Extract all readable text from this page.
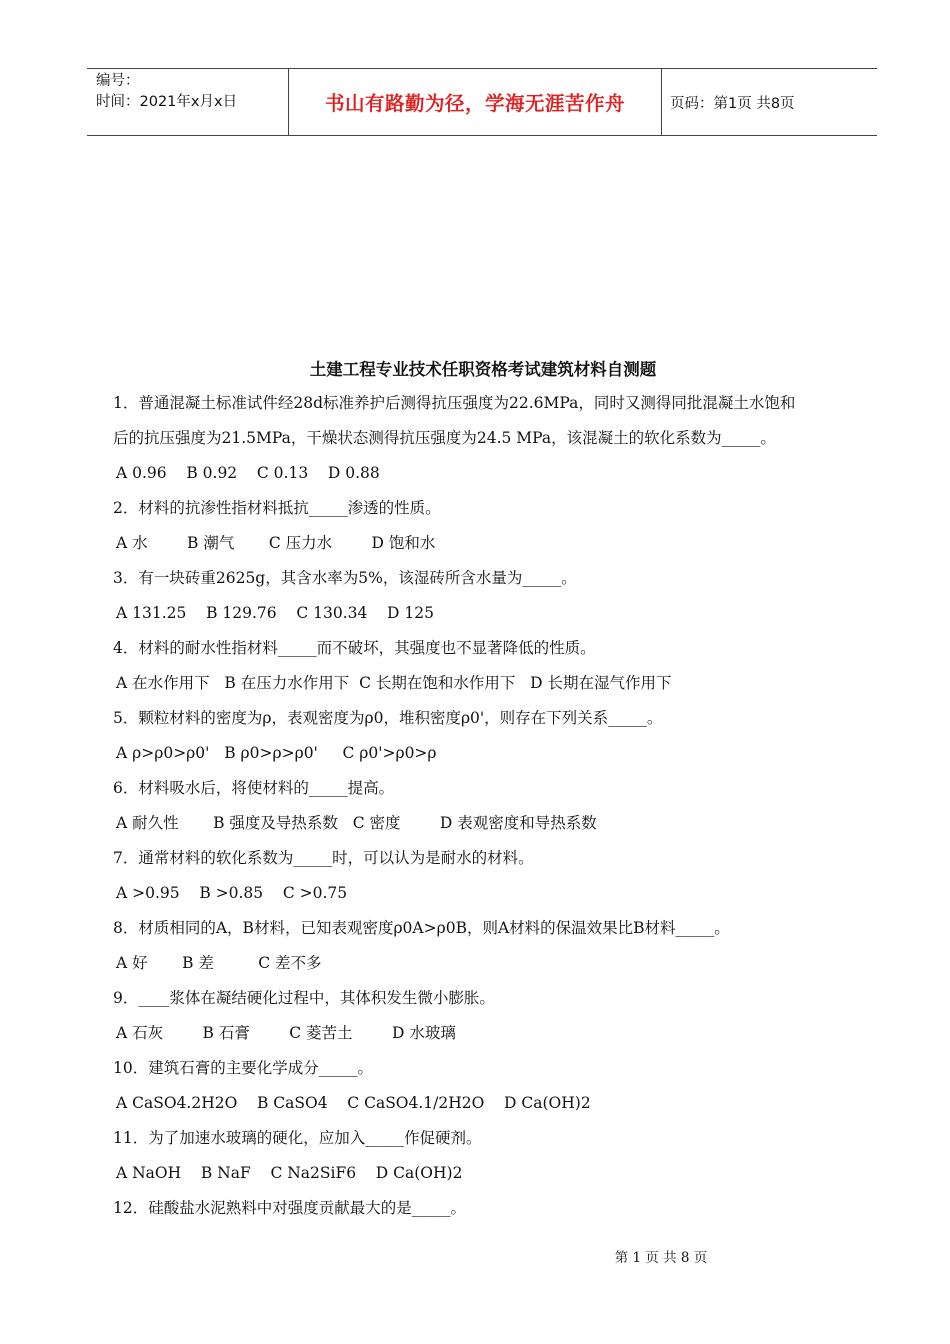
编号：
时间：2021年x月x日	书山有路勤为径，学海无涯苦作舟	页码：第1页 共8页
土建工程专业技术任职资格考试建筑材料自测题
1．普通混凝土标准试件经28d标准养护后测得抗压强度为22.6MPa，同时又测得同批混凝土水饱和
后的抗压强度为21.5MPa，干燥状态测得抗压强度为24.5 MPa，该混凝土的软化系数为_____。
A 0.96    B 0.92    C 0.13    D 0.88
2．材料的抗渗性指材料抵抗_____渗透的性质。
A 水        B 潮气       C 压力水        D 饱和水
3．有一块砖重2625g，其含水率为5%，该湿砖所含水量为_____。
A 131.25    B 129.76    C 130.34    D 125
4．材料的耐水性指材料_____而不破坏，其强度也不显著降低的性质。
A 在水作用下   B 在压力水作用下  C 长期在饱和水作用下   D 长期在湿气作用下
5．颗粒材料的密度为ρ，表观密度为ρ0，堆积密度ρ0'，则存在下列关系_____。
A ρ>ρ0>ρ0'   B ρ0>ρ>ρ0'     C ρ0'>ρ0>ρ
6．材料吸水后，将使材料的_____提高。
A 耐久性       B 强度及导热系数   C 密度        D 表观密度和导热系数
7．通常材料的软化系数为_____时，可以认为是耐水的材料。
A >0.95    B >0.85    C >0.75
8．材质相同的A，B材料，已知表观密度ρ0A>ρ0B，则A材料的保温效果比B材料_____。
A 好       B 差         C 差不多
9．____浆体在凝结硬化过程中，其体积发生微小膨胀。
A 石灰        B 石膏        C 菱苦土        D 水玻璃
10．建筑石膏的主要化学成分_____。
A CaSO4.2H2O    B CaSO4    C CaSO4.1/2H2O    D Ca(OH)2
11．为了加速水玻璃的硬化，应加入_____作促硬剂。
A NaOH    B NaF    C Na2SiF6    D Ca(OH)2
12．硅酸盐水泥熟料中对强度贡献最大的是_____。
第 1 页 共 8 页
